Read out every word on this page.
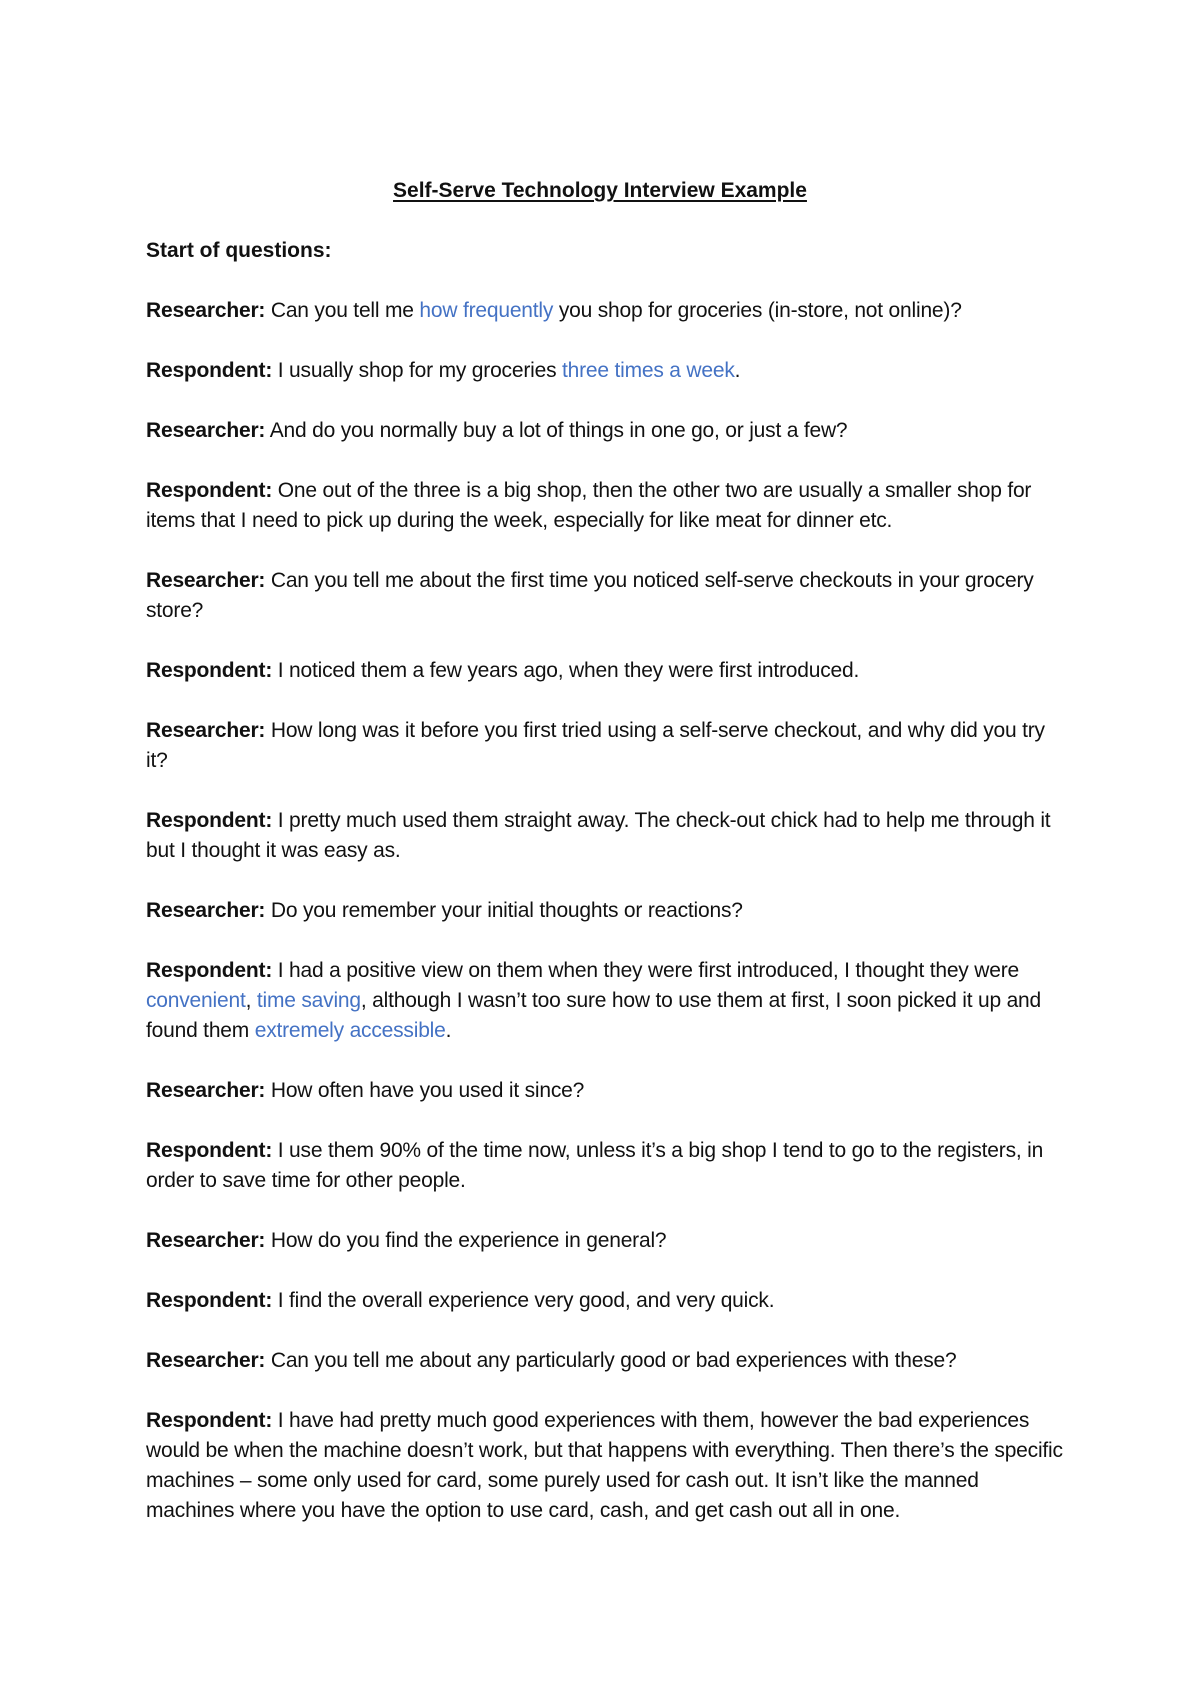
Self-Serve Technology Interview Example

Start of questions:

Researcher: Can you tell me how frequently you shop for groceries (in-store, not online)?

Respondent: I usually shop for my groceries three times a week.

Researcher: And do you normally buy a lot of things in one go, or just a few?

Respondent: One out of the three is a big shop, then the other two are usually a smaller shop for items that I need to pick up during the week, especially for like meat for dinner etc.

Researcher: Can you tell me about the first time you noticed self-serve checkouts in your grocery store?

Respondent: I noticed them a few years ago, when they were first introduced.

Researcher: How long was it before you first tried using a self-serve checkout, and why did you try it?

Respondent: I pretty much used them straight away. The check-out chick had to help me through it but I thought it was easy as.

Researcher: Do you remember your initial thoughts or reactions?

Respondent: I had a positive view on them when they were first introduced, I thought they were convenient, time saving, although I wasn’t too sure how to use them at first, I soon picked it up and found them extremely accessible.

Researcher: How often have you used it since?

Respondent: I use them 90% of the time now, unless it’s a big shop I tend to go to the registers, in order to save time for other people.

Researcher: How do you find the experience in general?

Respondent: I find the overall experience very good, and very quick.

Researcher: Can you tell me about any particularly good or bad experiences with these?

Respondent: I have had pretty much good experiences with them, however the bad experiences would be when the machine doesn’t work, but that happens with everything. Then there’s the specific machines – some only used for card, some purely used for cash out. It isn’t like the manned machines where you have the option to use card, cash, and get cash out all in one.
